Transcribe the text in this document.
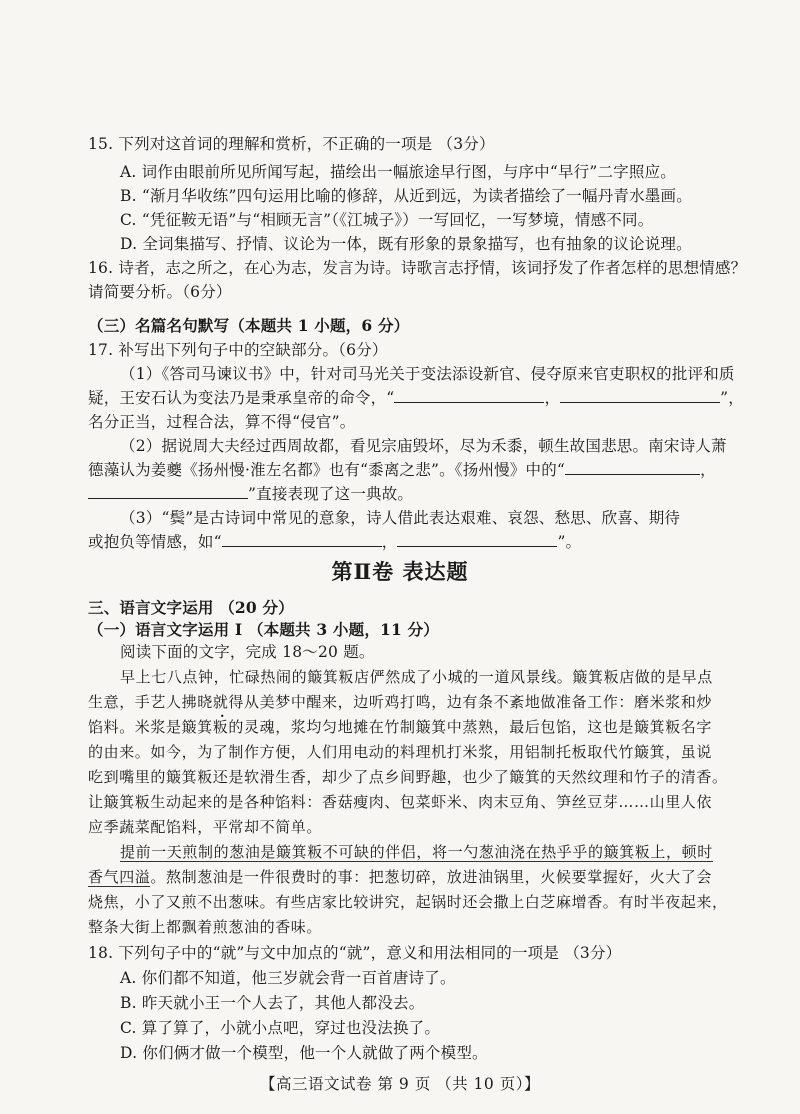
15. 下列对这首词的理解和赏析，不正确的一项是 （3分）
A. 词作由眼前所见所闻写起，描绘出一幅旅途早行图，与序中“早行”二字照应。
B. “渐月华收练”四句运用比喻的修辞，从近到远，为读者描绘了一幅丹青水墨画。
C. “凭征鞍无语”与“相顾无言”（《江城子》）一写回忆，一写梦境，情感不同。
D. 全词集描写、抒情、议论为一体，既有形象的景象描写，也有抽象的议论说理。
16. 诗者，志之所之，在心为志，发言为诗。诗歌言志抒情，该词抒发了作者怎样的思想情感？
请简要分析。（6分）
（三）名篇名句默写（本题共 1 小题，6 分）
17. 补写出下列句子中的空缺部分。（6分）
（1）《答司马谏议书》中，针对司马光关于变法添设新官、侵夺原来官吏职权的批评和质
疑，王安石认为变法乃是秉承皇帝的命令，“	，	”，
名分正当，过程合法，算不得“侵官”。
（2）据说周大夫经过西周故都，看见宗庙毁坏，尽为禾黍，顿生故国悲思。南宋诗人萧
德藻认为姜夔《扬州慢·淮左名都》也有“黍离之悲”。《扬州慢》中的“	，
”直接表现了这一典故。
（3）“鬓”是古诗词中常见的意象，诗人借此表达艰难、哀怨、愁思、欣喜、期待
或抱负等情感，如“	，	”。
第Ⅱ卷 表达题
三、语言文字运用 （20 分）
（一）语言文字运用 Ⅰ （本题共 3 小题，11 分）
阅读下面的文字，完成 18～20 题。
早上七八点钟，忙碌热闹的簸箕粄店俨然成了小城的一道风景线。簸箕粄店做的是早点
生意，手艺人拂晓就得从美梦中醒来，边听鸡打鸣，边有条不紊地做准备工作：磨米浆和炒
馅料。米浆是簸箕粄的灵魂，浆均匀地摊在竹制簸箕中蒸熟，最后包馅，这也是簸箕粄名字
的由来。如今，为了制作方便，人们用电动的料理机打米浆，用铝制托板取代竹簸箕，虽说
吃到嘴里的簸箕粄还是软滑生香，却少了点乡间野趣，也少了簸箕的天然纹理和竹子的清香。
让簸箕粄生动起来的是各种馅料：香菇瘦肉、包菜虾米、肉末豆角、笋丝豆芽……山里人依
应季蔬菜配馅料，平常却不简单。
提前一天煎制的葱油是簸箕粄不可缺的伴侣，将一勺葱油浇在热乎乎的簸箕粄上，顿时
香气四溢。熬制葱油是一件很费时的事：把葱切碎，放进油锅里，火候要掌握好，火大了会
烧焦，小了又煎不出葱味。有些店家比较讲究，起锅时还会撒上白芝麻增香。有时半夜起来，
整条大街上都飘着煎葱油的香味。
18. 下列句子中的“就”与文中加点的“就”，意义和用法相同的一项是 （3分）
A. 你们都不知道，他三岁就会背一百首唐诗了。
B. 昨天就小王一个人去了，其他人都没去。
C. 算了算了，小就小点吧，穿过也没法换了。
D. 你们俩才做一个模型，他一个人就做了两个模型。
【高三语文试卷 第 9 页 （共 10 页）】
